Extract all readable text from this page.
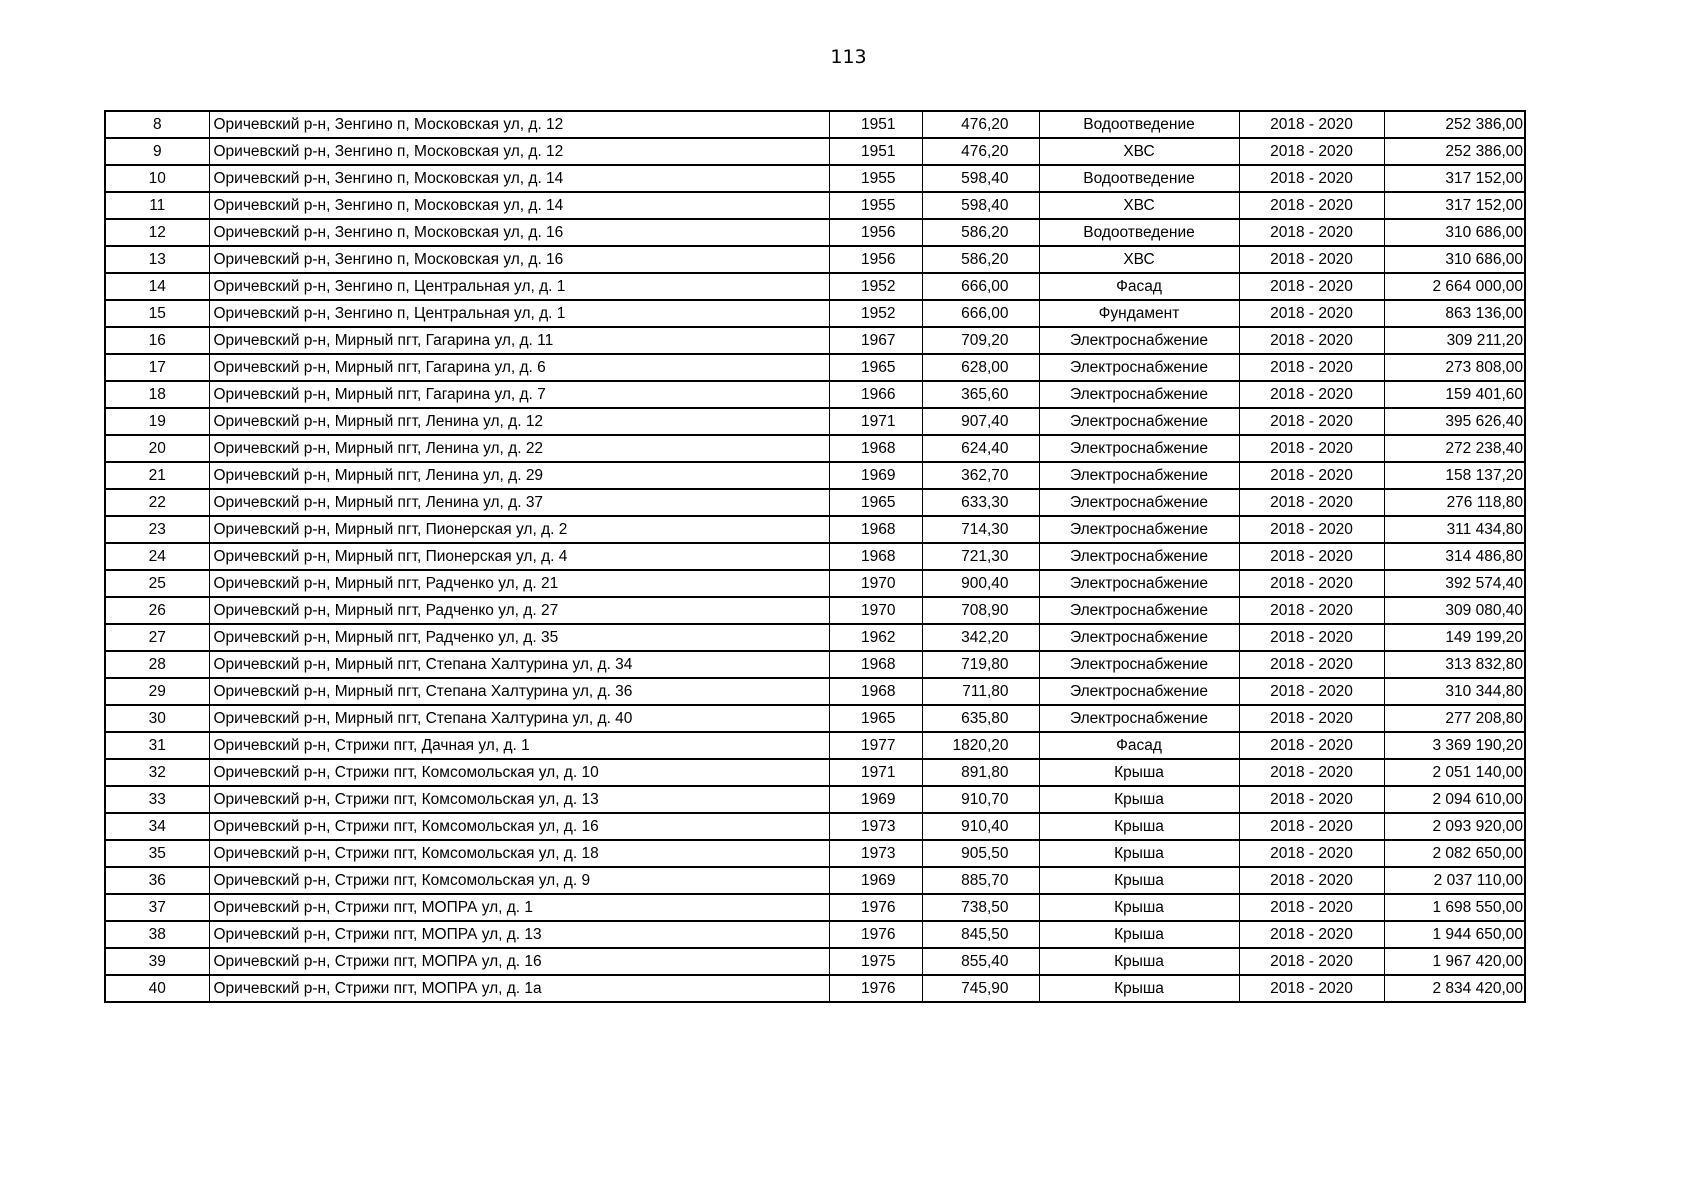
113
8	Оричевский р-н, Зенгино п, Московская ул, д. 12	1951	476,20	Водоотведение	2018 - 2020	252 386,00
9	Оричевский р-н, Зенгино п, Московская ул, д. 12	1951	476,20	ХВС	2018 - 2020	252 386,00
10	Оричевский р-н, Зенгино п, Московская ул, д. 14	1955	598,40	Водоотведение	2018 - 2020	317 152,00
11	Оричевский р-н, Зенгино п, Московская ул, д. 14	1955	598,40	ХВС	2018 - 2020	317 152,00
12	Оричевский р-н, Зенгино п, Московская ул, д. 16	1956	586,20	Водоотведение	2018 - 2020	310 686,00
13	Оричевский р-н, Зенгино п, Московская ул, д. 16	1956	586,20	ХВС	2018 - 2020	310 686,00
14	Оричевский р-н, Зенгино п, Центральная ул, д. 1	1952	666,00	Фасад	2018 - 2020	2 664 000,00
15	Оричевский р-н, Зенгино п, Центральная ул, д. 1	1952	666,00	Фундамент	2018 - 2020	863 136,00
16	Оричевский р-н, Мирный пгт, Гагарина ул, д. 11	1967	709,20	Электроснабжение	2018 - 2020	309 211,20
17	Оричевский р-н, Мирный пгт, Гагарина ул, д. 6	1965	628,00	Электроснабжение	2018 - 2020	273 808,00
18	Оричевский р-н, Мирный пгт, Гагарина ул, д. 7	1966	365,60	Электроснабжение	2018 - 2020	159 401,60
19	Оричевский р-н, Мирный пгт, Ленина ул, д. 12	1971	907,40	Электроснабжение	2018 - 2020	395 626,40
20	Оричевский р-н, Мирный пгт, Ленина ул, д. 22	1968	624,40	Электроснабжение	2018 - 2020	272 238,40
21	Оричевский р-н, Мирный пгт, Ленина ул, д. 29	1969	362,70	Электроснабжение	2018 - 2020	158 137,20
22	Оричевский р-н, Мирный пгт, Ленина ул, д. 37	1965	633,30	Электроснабжение	2018 - 2020	276 118,80
23	Оричевский р-н, Мирный пгт, Пионерская ул, д. 2	1968	714,30	Электроснабжение	2018 - 2020	311 434,80
24	Оричевский р-н, Мирный пгт, Пионерская ул, д. 4	1968	721,30	Электроснабжение	2018 - 2020	314 486,80
25	Оричевский р-н, Мирный пгт, Радченко ул, д. 21	1970	900,40	Электроснабжение	2018 - 2020	392 574,40
26	Оричевский р-н, Мирный пгт, Радченко ул, д. 27	1970	708,90	Электроснабжение	2018 - 2020	309 080,40
27	Оричевский р-н, Мирный пгт, Радченко ул, д. 35	1962	342,20	Электроснабжение	2018 - 2020	149 199,20
28	Оричевский р-н, Мирный пгт, Степана Халтурина ул, д. 34	1968	719,80	Электроснабжение	2018 - 2020	313 832,80
29	Оричевский р-н, Мирный пгт, Степана Халтурина ул, д. 36	1968	711,80	Электроснабжение	2018 - 2020	310 344,80
30	Оричевский р-н, Мирный пгт, Степана Халтурина ул, д. 40	1965	635,80	Электроснабжение	2018 - 2020	277 208,80
31	Оричевский р-н, Стрижи пгт, Дачная ул, д. 1	1977	1820,20	Фасад	2018 - 2020	3 369 190,20
32	Оричевский р-н, Стрижи пгт, Комсомольская ул, д. 10	1971	891,80	Крыша	2018 - 2020	2 051 140,00
33	Оричевский р-н, Стрижи пгт, Комсомольская ул, д. 13	1969	910,70	Крыша	2018 - 2020	2 094 610,00
34	Оричевский р-н, Стрижи пгт, Комсомольская ул, д. 16	1973	910,40	Крыша	2018 - 2020	2 093 920,00
35	Оричевский р-н, Стрижи пгт, Комсомольская ул, д. 18	1973	905,50	Крыша	2018 - 2020	2 082 650,00
36	Оричевский р-н, Стрижи пгт, Комсомольская ул, д. 9	1969	885,70	Крыша	2018 - 2020	2 037 110,00
37	Оричевский р-н, Стрижи пгт, МОПРА ул, д. 1	1976	738,50	Крыша	2018 - 2020	1 698 550,00
38	Оричевский р-н, Стрижи пгт, МОПРА ул, д. 13	1976	845,50	Крыша	2018 - 2020	1 944 650,00
39	Оричевский р-н, Стрижи пгт, МОПРА ул, д. 16	1975	855,40	Крыша	2018 - 2020	1 967 420,00
40	Оричевский р-н, Стрижи пгт, МОПРА ул, д. 1а	1976	745,90	Крыша	2018 - 2020	2 834 420,00
